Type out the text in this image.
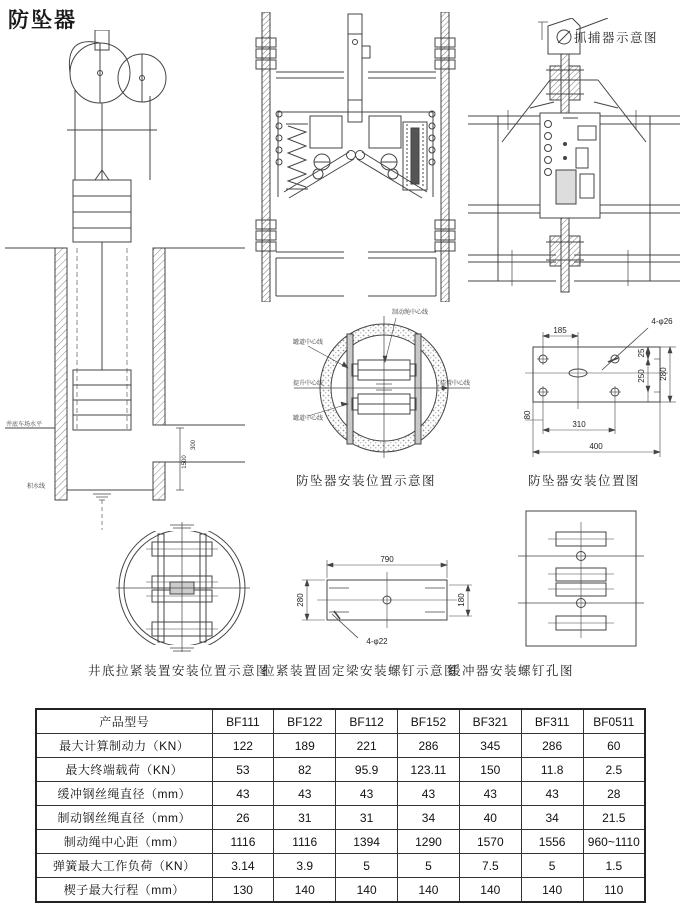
防坠器
1500
300
井底车场水平
积水线
抓捕器示意图
制动绳中心线
罐道中心线
提升中心线
罐道中心线
装置中心线
防坠器安装位置示意图
185
4-φ26
25
250 280
80
310
400
防坠器安装位置图
井底拉紧装置安装位置示意图
790
280	180
4-φ22
拉紧装置固定梁安装螺钉示意图
缓冲器安装螺钉孔图
产品型号	BF111	BF122	BF112	BF152	BF321	BF311	BF0511
最大计算制动力（KN）	122	189	221	286	345	286	60
最大终端载荷（KN）	53	82	95.9	123.11	150	11.8	2.5
缓冲钢丝绳直径（mm）	43	43	43	43	43	43	28
制动钢丝绳直径（mm）	26	31	31	34	40	34	21.5
制动绳中心距（mm）	1116	1116	1394	1290	1570	1556	960~1110
弹簧最大工作负荷（KN）	3.14	3.9	5	5	7.5	5	1.5
楔子最大行程（mm）	130	140	140	140	140	140	110
